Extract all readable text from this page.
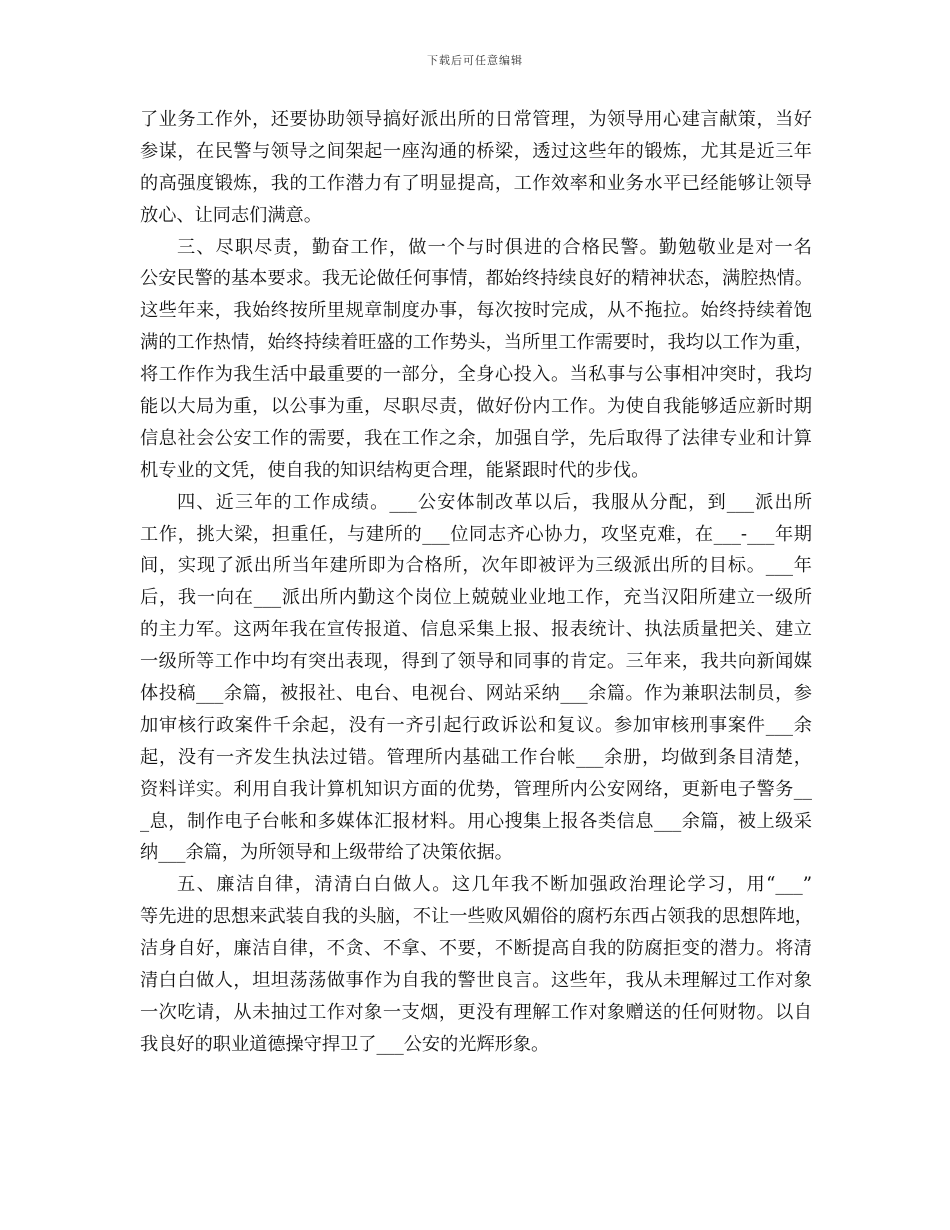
下载后可任意编辑
了业务工作外，还要协助领导搞好派出所的日常管理，为领导用心建言献策，当好
参谋，在民警与领导之间架起一座沟通的桥梁，透过这些年的锻炼，尤其是近三年
的高强度锻炼，我的工作潜力有了明显提高，工作效率和业务水平已经能够让领导
放心、让同志们满意。
三、尽职尽责，勤奋工作，做一个与时俱进的合格民警。勤勉敬业是对一名
公安民警的基本要求。我无论做任何事情，都始终持续良好的精神状态，满腔热情。
这些年来，我始终按所里规章制度办事，每次按时完成，从不拖拉。始终持续着饱
满的工作热情，始终持续着旺盛的工作势头，当所里工作需要时，我均以工作为重，
将工作作为我生活中最重要的一部分，全身心投入。当私事与公事相冲突时，我均
能以大局为重，以公事为重，尽职尽责，做好份内工作。为使自我能够适应新时期
信息社会公安工作的需要，我在工作之余，加强自学，先后取得了法律专业和计算
机专业的文凭，使自我的知识结构更合理，能紧跟时代的步伐。
四、近三年的工作成绩。___公安体制改革以后，我服从分配，到___派出所
工作，挑大梁，担重任，与建所的___位同志齐心协力，攻坚克难，在___-___年期
间，实现了派出所当年建所即为合格所，次年即被评为三级派出所的目标。___年
后，我一向在___派出所内勤这个岗位上兢兢业业地工作，充当汉阳所建立一级所
的主力军。这两年我在宣传报道、信息采集上报、报表统计、执法质量把关、建立
一级所等工作中均有突出表现，得到了领导和同事的肯定。三年来，我共向新闻媒
体投稿___余篇，被报社、电台、电视台、网站采纳___余篇。作为兼职法制员，参
加审核行政案件千余起，没有一齐引起行政诉讼和复议。参加审核刑事案件___余
起，没有一齐发生执法过错。管理所内基础工作台帐___余册，均做到条目清楚，
资料详实。利用自我计算机知识方面的优势，管理所内公安网络，更新电子警务__
_息，制作电子台帐和多媒体汇报材料。用心搜集上报各类信息___余篇，被上级采
纳___余篇，为所领导和上级带给了决策依据。
五、廉洁自律，清清白白做人。这几年我不断加强政治理论学习，用“___”
等先进的思想来武装自我的头脑，不让一些败风媚俗的腐朽东西占领我的思想阵地，
洁身自好，廉洁自律，不贪、不拿、不要，不断提高自我的防腐拒变的潜力。将清
清白白做人，坦坦荡荡做事作为自我的警世良言。这些年，我从未理解过工作对象
一次吃请，从未抽过工作对象一支烟，更没有理解工作对象赠送的任何财物。以自
我良好的职业道德操守捍卫了___公安的光辉形象。
